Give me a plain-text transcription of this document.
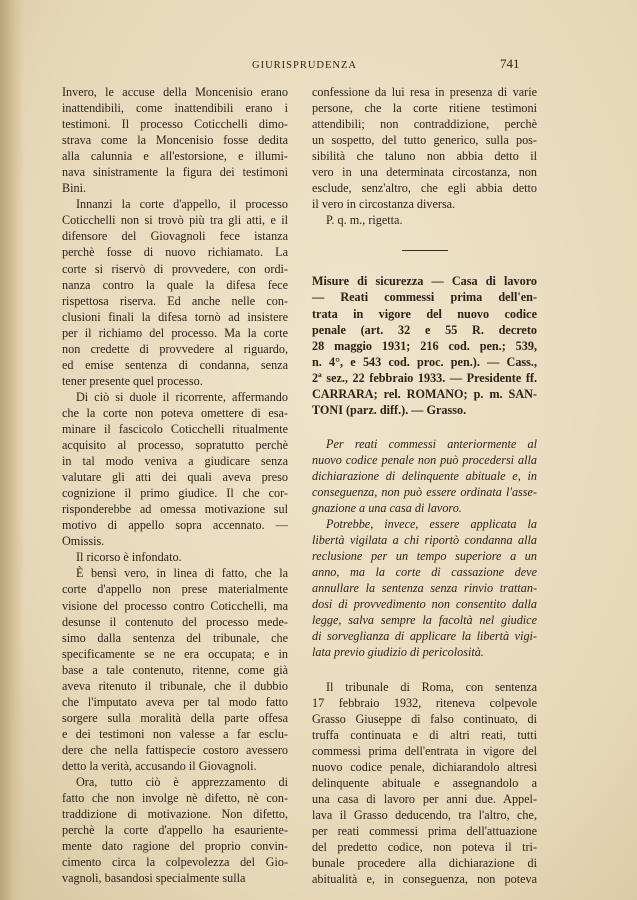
GIURISPRUDENZA	741

Invero, le accuse della Moncenisio erano

inattendibili, come inattendibili erano i

testimoni. Il processo Coticchelli dimo-

strava come la Moncenisio fosse dedita

alla calunnia e all'estorsione, e illumi-

nava sinistramente la figura dei testimoni

Bini.

Innanzi la corte d'appello, il processo

Coticchelli non si trovò più tra gli atti, e il

difensore del Giovagnoli fece istanza

perchè fosse di nuovo richiamato. La

corte si riservò di provvedere, con ordi-

nanza contro la quale la difesa fece

rispettosa riserva. Ed anche nelle con-

clusioni finali la difesa tornò ad insistere

per il richiamo del processo. Ma la corte

non credette di provvedere al riguardo,

ed emise sentenza di condanna, senza

tener presente quel processo.

Di ciò si duole il ricorrente, affermando

che la corte non poteva omettere di esa-

minare il fascicolo Coticchelli ritualmente

acquisito al processo, sopratutto perchè

in tal modo veniva a giudicare senza

valutare gli atti dei quali aveva preso

cognizione il primo giudice. Il che cor-

risponderebbe ad omessa motivazione sul

motivo di appello sopra accennato. —

Omissis.

Il ricorso è infondato.

È bensì vero, in linea di fatto, che la

corte d'appello non prese materialmente

visione del processo contro Coticchelli, ma

desunse il contenuto del processo mede-

simo dalla sentenza del tribunale, che

specificamente se ne era occupata; e in

base a tale contenuto, ritenne, come già

aveva ritenuto il tribunale, che il dubbio

che l'imputato aveva per tal modo fatto

sorgere sulla moralità della parte offesa

e dei testimoni non valesse a far esclu-

dere che nella fattispecie costoro avessero

detto la verità, accusando il Giovagnoli.

Ora, tutto ciò è apprezzamento di

fatto che non involge nè difetto, nè con-

traddizione di motivazione. Non difetto,

perchè la corte d'appello ha esauriente-

mente dato ragione del proprio convin-

cimento circa la colpevolezza del Gio-

vagnoli, basandosi specialmente sulla

confessione da lui resa in presenza di varie

persone, che la corte ritiene testimoni

attendibili; non contraddizione, perchè

un sospetto, del tutto generico, sulla pos-

sibilità che taluno non abbia detto il

vero in una determinata circostanza, non

esclude, senz'altro, che egli abbia detto

il vero in circostanza diversa.

P. q. m., rigetta.

Misure di sicurezza — Casa di lavoro

— Reati commessi prima dell'en-

trata in vigore del nuovo codice

penale (art. 32 e 55 R. decreto

28 maggio 1931; 216 cod. pen.; 539,

n. 4°, e 543 cod. proc. pen.). — Cass.,

2ª sez., 22 febbraio 1933. — Presidente ff.

CARRARA; rel. ROMANO; p. m. SAN-

TONI (parz. diff.). — Grasso.

Per reati commessi anteriormente al

nuovo codice penale non può procedersi alla

dichiarazione di delinquente abituale e, in

conseguenza, non può essere ordinata l'asse-

gnazione a una casa di lavoro.

Potrebbe, invece, essere applicata la

libertà vigilata a chi riportò condanna alla

reclusione per un tempo superiore a un

anno, ma la corte di cassazione deve

annullare la sentenza senza rinvio trattan-

dosi di provvedimento non consentito dalla

legge, salva sempre la facoltà nel giudice

di sorveglianza di applicare la libertà vigi-

lata previo giudizio di pericolosità.

Il tribunale di Roma, con sentenza

17 febbraio 1932, riteneva colpevole

Grasso Giuseppe di falso continuato, di

truffa continuata e di altri reati, tutti

commessi prima dell'entrata in vigore del

nuovo codice penale, dichiarandolo altresì

delinquente abituale e assegnandolo a

una casa di lavoro per anni due. Appel-

lava il Grasso deducendo, tra l'altro, che,

per reati commessi prima dell'attuazione

del predetto codice, non poteva il tri-

bunale procedere alla dichiarazione di

abitualità e, in conseguenza, non poteva
